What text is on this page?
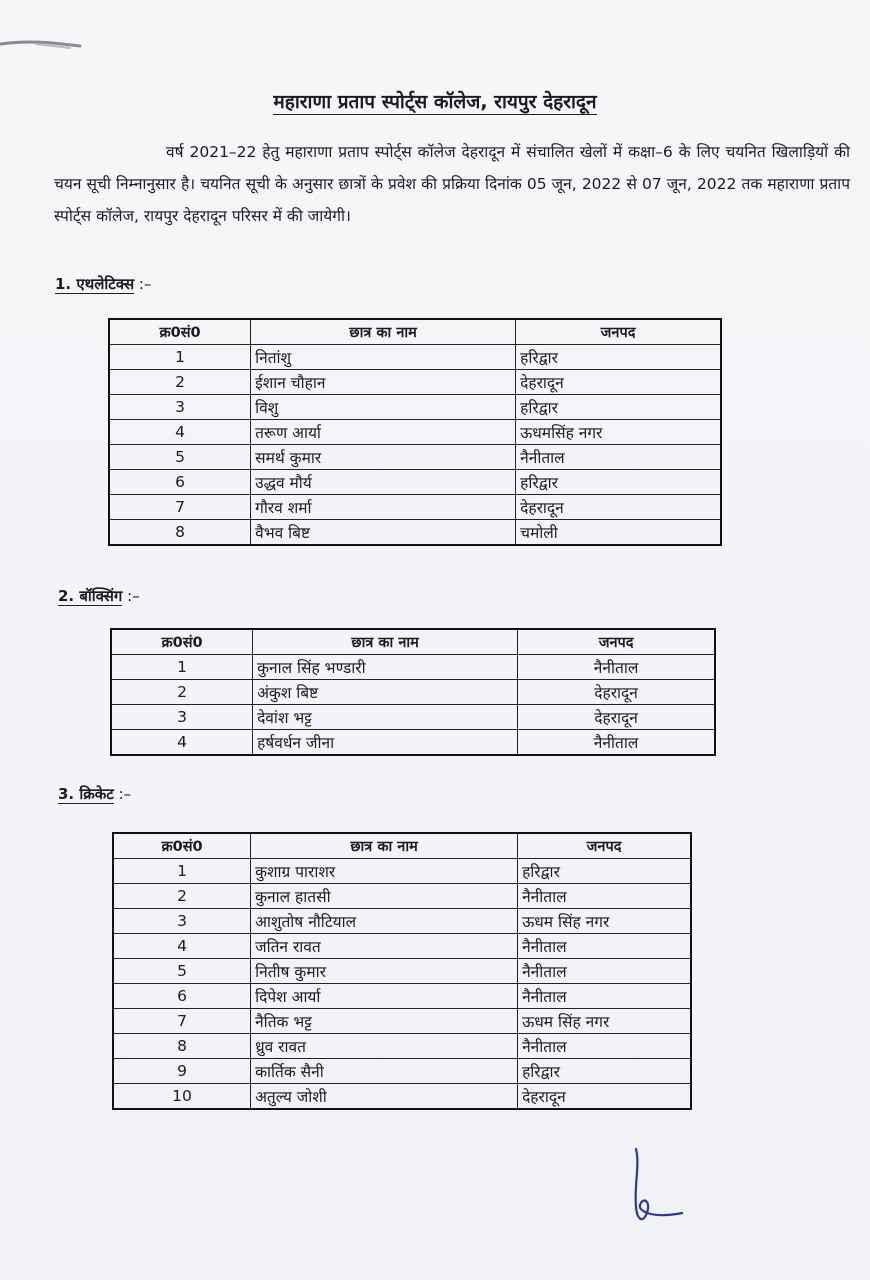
महाराणा प्रताप स्पोर्ट्स कॉलेज, रायपुर देहरादून

वर्ष 2021–22 हेतु महाराणा प्रताप स्पोर्ट्स कॉलेज देहरादून में संचालित खेलों में कक्षा–6 के लिए चयनित खिलाड़ियों की चयन सूची निम्नानुसार है। चयनित सूची के अनुसार छात्रों के प्रवेश की प्रक्रिया दिनांक 05 जून, 2022 से 07 जून, 2022 तक महाराणा प्रताप स्पोर्ट्स कॉलेज, रायपुर देहरादून परिसर में की जायेगी।

1. एथलेटिक्स :–
क्र0सं0	छात्र का नाम	जनपद
1	नितांशु	हरिद्वार
2	ईशान चौहान	देहरादून
3	विशु	हरिद्वार
4	तरूण आर्या	ऊधमसिंह नगर
5	समर्थ कुमार	नैनीताल
6	उद्धव मौर्य	हरिद्वार
7	गौरव शर्मा	देहरादून
8	वैभव बिष्ट	चमोली
2. बॉक्सिंग :–
क्र0सं0	छात्र का नाम	जनपद
1	कुनाल सिंह भण्डारी	नैनीताल
2	अंकुश बिष्ट	देहरादून
3	देवांश भट्ट	देहरादून
4	हर्षवर्धन जीना	नैनीताल
3. क्रिकेट :–
क्र0सं0	छात्र का नाम	जनपद
1	कुशाग्र पाराशर	हरिद्वार
2	कुनाल हातसी	नैनीताल
3	आशुतोष नौटियाल	ऊधम सिंह नगर
4	जतिन रावत	नैनीताल
5	नितीष कुमार	नैनीताल
6	दिपेश आर्या	नैनीताल
7	नैतिक भट्ट	ऊधम सिंह नगर
8	ध्रुव रावत	नैनीताल
9	कार्तिक सैनी	हरिद्वार
10	अतुल्य जोशी	देहरादून
